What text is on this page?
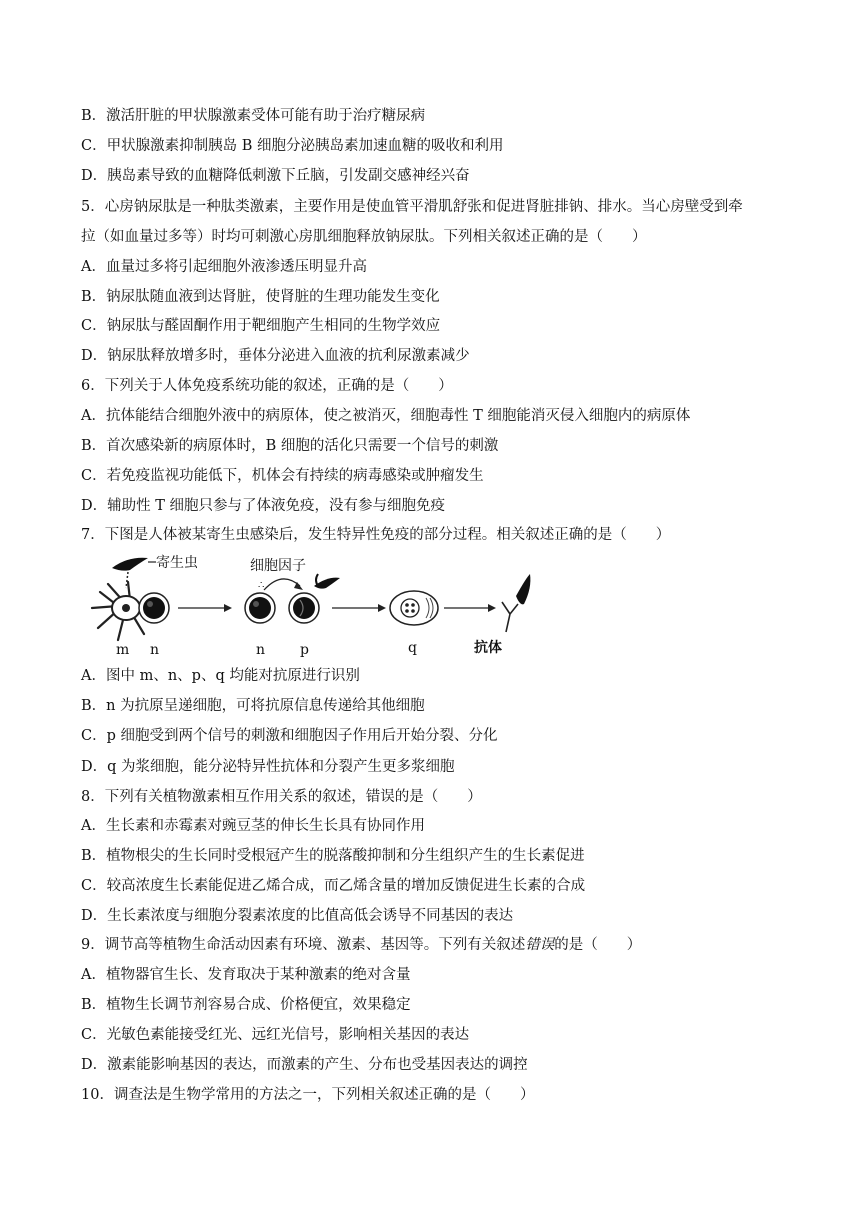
B．激活肝脏的甲状腺激素受体可能有助于治疗糖尿病
C．甲状腺激素抑制胰岛 B 细胞分泌胰岛素加速血糖的吸收和利用
D．胰岛素导致的血糖降低刺激下丘脑，引发副交感神经兴奋
5．心房钠尿肽是一种肽类激素，主要作用是使血管平滑肌舒张和促进肾脏排钠、排水。当心房壁受到牵
拉（如血量过多等）时均可刺激心房肌细胞释放钠尿肽。下列相关叙述正确的是（　　）
A．血量过多将引起细胞外液渗透压明显升高
B．钠尿肽随血液到达肾脏，使肾脏的生理功能发生变化
C．钠尿肽与醛固酮作用于靶细胞产生相同的生物学效应
D．钠尿肽释放增多时，垂体分泌进入血液的抗利尿激素减少
6．下列关于人体免疫系统功能的叙述，正确的是（　　）
A．抗体能结合细胞外液中的病原体，使之被消灭，细胞毒性 T 细胞能消灭侵入细胞内的病原体
B．首次感染新的病原体时，B 细胞的活化只需要一个信号的刺激
C．若免疫监视功能低下，机体会有持续的病毒感染或肿瘤发生
D．辅助性 T 细胞只参与了体液免疫，没有参与细胞免疫
7．下图是人体被某寄生虫感染后，发生特异性免疫的部分过程。相关叙述正确的是（　　）
寄生虫
m n
∴
细胞因子
n p	q	抗体
A．图中 m、n、p、q 均能对抗原进行识别
B．n 为抗原呈递细胞，可将抗原信息传递给其他细胞
C．p 细胞受到两个信号的刺激和细胞因子作用后开始分裂、分化
D．q 为浆细胞，能分泌特异性抗体和分裂产生更多浆细胞
8．下列有关植物激素相互作用关系的叙述，错误的是（　　）
A．生长素和赤霉素对豌豆茎的伸长生长具有协同作用
B．植物根尖的生长同时受根冠产生的脱落酸抑制和分生组织产生的生长素促进
C．较高浓度生长素能促进乙烯合成，而乙烯含量的增加反馈促进生长素的合成
D．生长素浓度与细胞分裂素浓度的比值高低会诱导不同基因的表达
9．调节高等植物生命活动因素有环境、激素、基因等。下列有关叙述错误的是（　　）
A．植物器官生长、发育取决于某种激素的绝对含量
B．植物生长调节剂容易合成、价格便宜，效果稳定
C．光敏色素能接受红光、远红光信号，影响相关基因的表达
D．激素能影响基因的表达，而激素的产生、分布也受基因表达的调控
10．调查法是生物学常用的方法之一，下列相关叙述正确的是（　　）
